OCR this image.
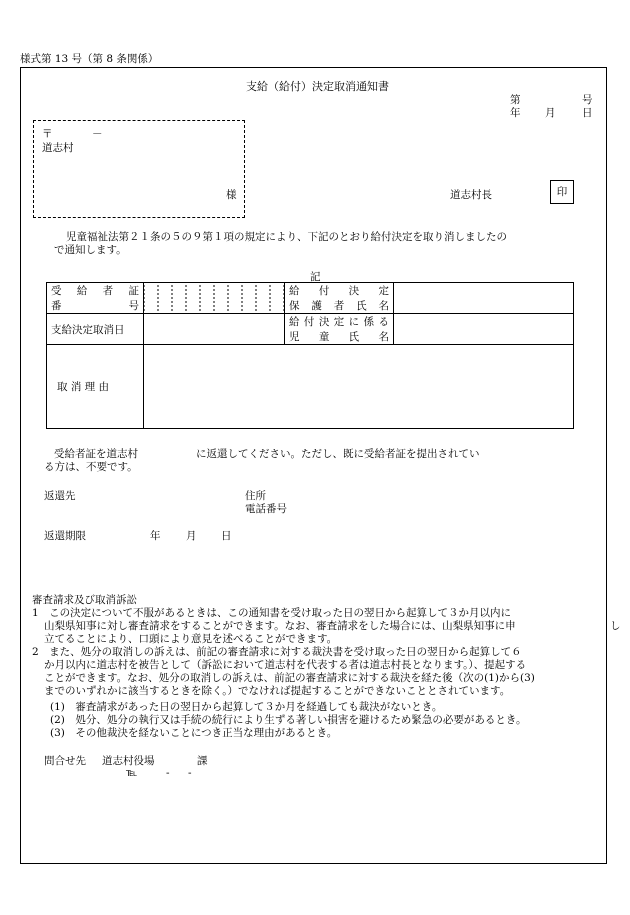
様式第 13 号（第 8 条関係）
支給（給付）決定取消通知書
第	号
年 月	日
〒	－
道志村
様	道志村長	印
児童福祉法第２１条の５の９第１項の規定により、下記のとおり給付決定を取り消しましたの
で通知します。
記
受 給 者 証
番 号		給 付 決 定
保 護 者 氏 名	

支給決定取消日		給付決定に係る
児 童 氏 名	

取 消 理 由			
受給者証を道志村	に返還してください。ただし、既に受給者証を提出されてい
る方は、不要です。
返還先	住所
電話番号
返還期限	年 月 日
審査請求及び取消訴訟
1　この決定について不服があるときは、この通知書を受け取った日の翌日から起算して３か月以内に
山梨県知事に対し審査請求をすることができます。なお、審査請求をした場合には、山梨県知事に申	し
立てることにより、口頭により意見を述べることができます。
2　また、処分の取消しの訴えは、前記の審査請求に対する裁決書を受け取った日の翌日から起算して６
か月以内に道志村を被告として（訴訟において道志村を代表する者は道志村長となります。）、提起する
ことができます。なお、処分の取消しの訴えは、前記の審査請求に対する裁決を経た後（次の(1)から(3)
までのいずれかに該当するときを除く。）でなければ提起することができないこととされています。
(1)　審査請求があった日の翌日から起算して３か月を経過しても裁決がないとき。
(2)　処分、処分の執行又は手続の続行により生ずる著しい損害を避けるため緊急の必要があるとき。
(3)　その他裁決を経ないことにつき正当な理由があるとき。
問合せ先 道志村役場	課
℡	- -
